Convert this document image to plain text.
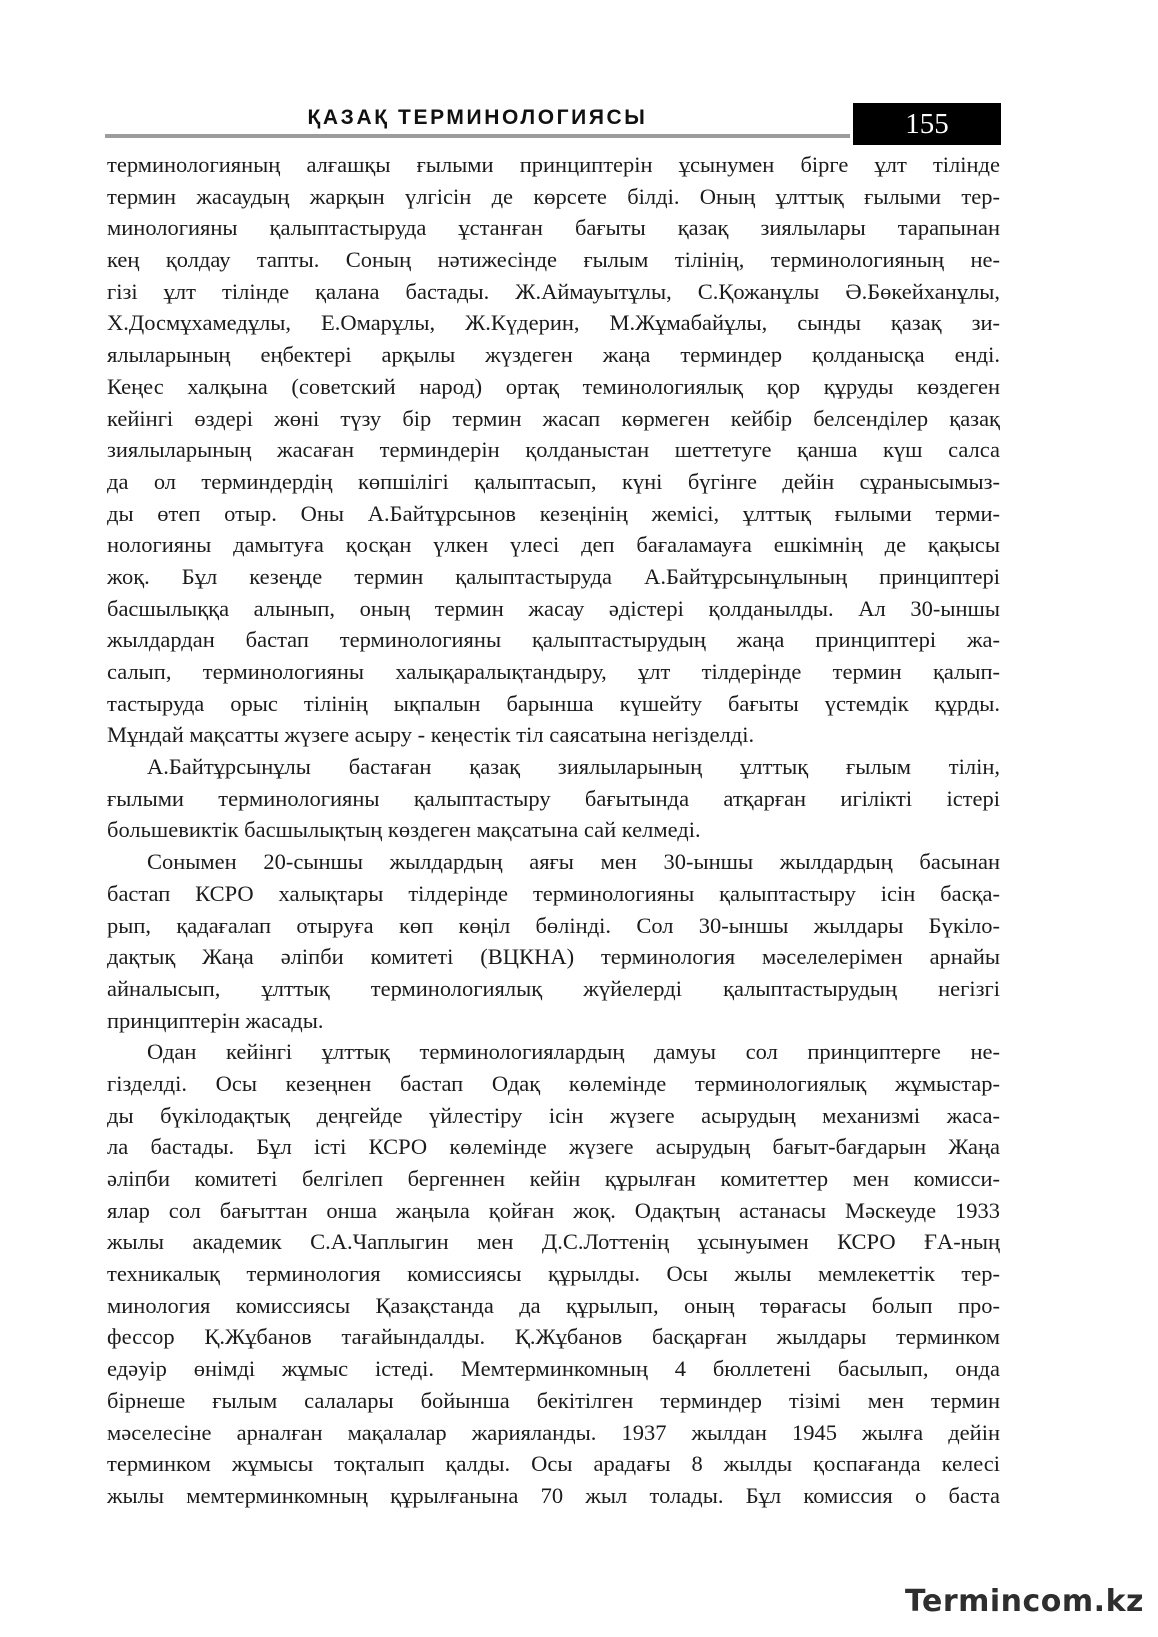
ҚАЗАҚ ТЕРМИНОЛОГИЯСЫ	155
терминологияның алғашқы ғылыми принциптерін ұсынумен бірге ұлт тілінде
термин жасаудың жарқын үлгісін де көрсете білді. Оның ұлттық ғылыми тер-
минологияны қалыптастыруда ұстанған бағыты қазақ зиялылары тарапынан
кең қолдау тапты. Соның нәтижесінде ғылым тілінің, терминологияның не-
гізі ұлт тілінде қалана бастады. Ж.Аймауытұлы, С.Қожанұлы Ә.Бөкейханұлы,
Х.Досмұхамедұлы, Е.Омарұлы, Ж.Күдерин, М.Жұмабайұлы, сынды қазақ зи-
ялыларының еңбектері арқылы жүздеген жаңа терминдер қолданысқа енді.
Кеңес халқына (советский народ) ортақ теминологиялық қор құруды көздеген
кейінгі өздері жөні түзу бір термин жасап көрмеген кейбір белсенділер қазақ
зиялыларының жасаған терминдерін қолданыстан шеттетуге қанша күш салса
да ол терминдердің көпшілігі қалыптасып, күні бүгінге дейін сұранысымыз-
ды өтеп отыр. Оны А.Байтұрсынов кезеңінің жемісі, ұлттық ғылыми терми-
нологияны дамытуға қосқан үлкен үлесі деп бағаламауға ешкімнің де қақысы
жоқ. Бұл кезеңде термин қалыптастыруда А.Байтұрсынұлының принциптері
басшылыққа алынып, оның термин жасау әдістері қолданылды. Ал 30-ыншы
жылдардан бастап терминологияны қалыптастырудың жаңа принциптері жа-
салып, терминологияны халықаралықтандыру, ұлт тілдерінде термин қалып-
тастыруда орыс тілінің ықпалын барынша күшейту бағыты үстемдік құрды.
Мұндай мақсатты жүзеге асыру - кеңестік тіл саясатына негізделді.
А.Байтұрсынұлы бастаған қазақ зиялыларының ұлттық ғылым тілін,
ғылыми терминологияны қалыптастыру бағытында атқарған игілікті істері
большевиктік басшылықтың көздеген мақсатына сай келмеді.
Сонымен 20-сыншы жылдардың аяғы мен 30-ыншы жылдардың басынан
бастап КСРО халықтары тілдерінде терминологияны қалыптастыру ісін басқа-
рып, қадағалап отыруға көп көңіл бөлінді. Сол 30-ыншы жылдары Бүкіло-
дақтық Жаңа әліпби комитеті (ВЦКНА) терминология мәселелерімен арнайы
айналысып, ұлттық терминологиялық жүйелерді қалыптастырудың негізгі
принциптерін жасады.
Одан кейінгі ұлттық терминологиялардың дамуы сол принциптерге не-
гізделді. Осы кезеңнен бастап Одақ көлемінде терминологиялық жұмыстар-
ды бүкілодақтық деңгейде үйлестіру ісін жүзеге асырудың механизмі жаса-
ла бастады. Бұл істі КСРО көлемінде жүзеге асырудың бағыт-бағдарын Жаңа
әліпби комитеті белгілеп бергеннен кейін құрылған комитеттер мен комисси-
ялар сол бағыттан онша жаңыла қойған жоқ. Одақтың астанасы Мәскеуде 1933
жылы академик С.А.Чаплыгин мен Д.С.Лоттенің ұсынуымен КСРО ҒА-ның
техникалық терминология комиссиясы құрылды. Осы жылы мемлекеттік тер-
минология комиссиясы Қазақстанда да құрылып, оның төрағасы болып про-
фессор Қ.Жұбанов тағайындалды. Қ.Жұбанов басқарған жылдары терминком
едәуір өнімді жұмыс істеді. Мемтерминкомның 4 бюллетені басылып, онда
бірнеше ғылым салалары бойынша бекітілген терминдер тізімі мен термин
мәселесіне арналған мақалалар жарияланды. 1937 жылдан 1945 жылға дейін
терминком жұмысы тоқталып қалды. Осы арадағы 8 жылды қоспағанда келесі
жылы мемтерминкомның құрылғанына 70 жыл толады. Бұл комиссия о баста
Termincom.kz
